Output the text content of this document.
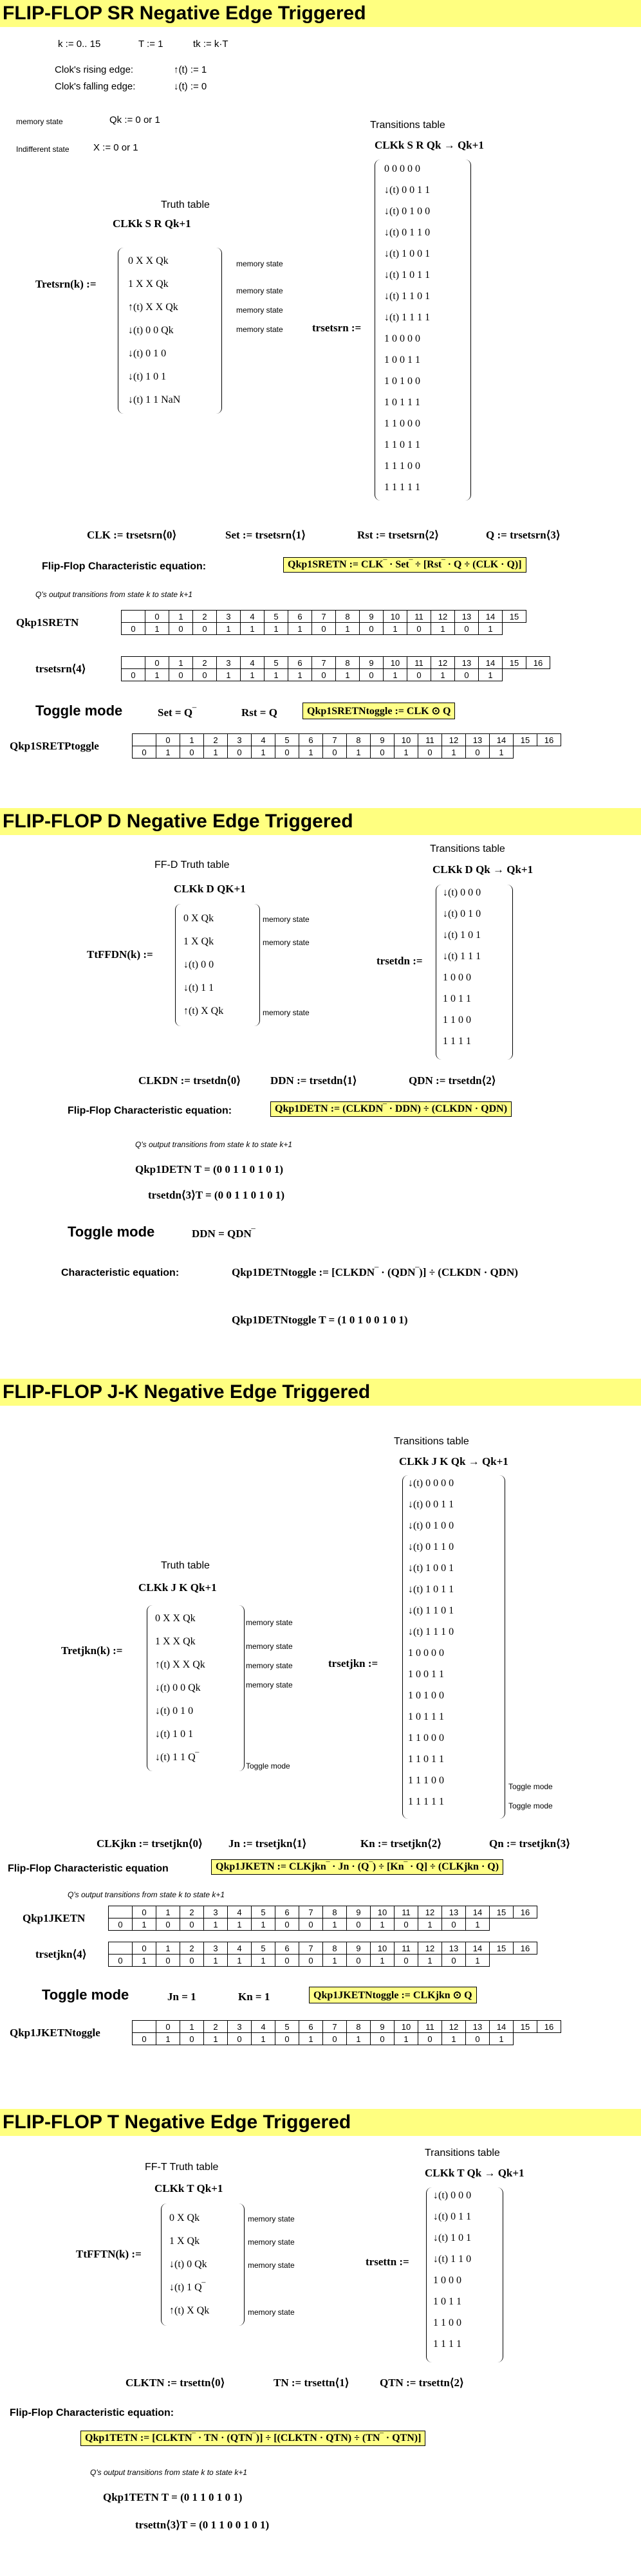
FLIP-FLOP SR Negative Edge Triggered
k := 0.. 15	T := 1	tk := k·T
Clok's rising edge:	↑(t) := 1
Clok's falling edge:	↓(t) := 0
memory state	Qk := 0 or 1
Indifferent state	X := 0 or 1
Truth table
CLKk S R Qk+1
Tretsrn(k) :=
0 X X Qk
1 X X Qk
↑(t) X X Qk
↓(t) 0 0 Qk
↓(t) 0 1 0
↓(t) 1 0 1
↓(t) 1 1 NaN
memory state
memory state
memory state
memory state
Transitions table
CLKk S R Qk → Qk+1
trsetsrn :=
0 0 0 0 0
↓(t) 0 0 1 1
↓(t) 0 1 0 0
↓(t) 0 1 1 0
↓(t) 1 0 0 1
↓(t) 1 0 1 1
↓(t) 1 1 0 1
↓(t) 1 1 1 1
1 0 0 0 0
1 0 0 1 1
1 0 1 0 0
1 0 1 1 1
1 1 0 0 0
1 1 0 1 1
1 1 1 0 0
1 1 1 1 1
CLK := trsetsrn⟨0⟩	Set := trsetsrn⟨1⟩	Rst := trsetsrn⟨2⟩	Q := trsetsrn⟨3⟩
Flip-Flop Characteristic equation:	Qkp1SRETN := CLK‾ · Set‾ ÷ [Rst‾ · Q ÷ (CLK · Q)]
Q's output transitions from state k to state k+1
Qkp1SRETN
		0	1	2	3	4	5	6	7	8	9	10	11	12	13	14	15
0	1	0	0	1	1	1	1	0	1	0	1	0	1	0	1	
trsetsrn⟨4⟩
		0	1	2	3	4	5	6	7	8	9	10	11	12	13	14	15	16
0	1	0	0	1	1	1	1	0	1	0	1	0	1	0	1		
Toggle mode	Set = Q‾	Rst = Q	Qkp1SRETNtoggle := CLK ⊙ Q
Qkp1SRETPtoggle
		0	1	2	3	4	5	6	7	8	9	10	11	12	13	14	15	16
0	1	0	1	0	1	0	1	0	1	0	1	0	1	0	1		
FLIP-FLOP D Negative Edge Triggered
FF-D Truth table
CLKk D QK+1
TtFFDN(k) :=
0 X Qk
1 X Qk
↓(t) 0 0
↓(t) 1 1
↑(t) X Qk
memory state
memory state
memory state
Transitions table
CLKk D Qk → Qk+1
trsetdn :=
↓(t) 0 0 0
↓(t) 0 1 0
↓(t) 1 0 1
↓(t) 1 1 1
1 0 0 0
1 0 1 1
1 1 0 0
1 1 1 1
CLKDN := trsetdn⟨0⟩	DDN := trsetdn⟨1⟩	QDN := trsetdn⟨2⟩
Flip-Flop Characteristic equation:	Qkp1DETN := (CLKDN‾ · DDN) ÷ (CLKDN · QDN)
Q's output transitions from state k to state k+1
Qkp1DETN T = (0 0 1 1 0 1 0 1)
trsetdn⟨3⟩T = (0 0 1 1 0 1 0 1)
Toggle mode	DDN = QDN‾
Characteristic equation:	Qkp1DETNtoggle := [CLKDN‾ · (QDN‾)] ÷ (CLKDN · QDN)
Qkp1DETNtoggle T = (1 0 1 0 0 1 0 1)
FLIP-FLOP J-K Negative Edge Triggered
Truth table
CLKk J K Qk+1
Tretjkn(k) :=
0 X X Qk
1 X X Qk
↑(t) X X Qk
↓(t) 0 0 Qk
↓(t) 0 1 0
↓(t) 1 0 1
↓(t) 1 1 Q‾
memory state
memory state
memory state
memory state
Toggle mode
Transitions table
CLKk J K Qk → Qk+1
trsetjkn :=
↓(t) 0 0 0 0
↓(t) 0 0 1 1
↓(t) 0 1 0 0
↓(t) 0 1 1 0
↓(t) 1 0 0 1
↓(t) 1 0 1 1
↓(t) 1 1 0 1
↓(t) 1 1 1 0
1 0 0 0 0
1 0 0 1 1
1 0 1 0 0
1 0 1 1 1
1 1 0 0 0
1 1 0 1 1
1 1 1 0 0
1 1 1 1 1
Toggle mode
Toggle mode
CLKjkn := trsetjkn⟨0⟩ Jn := trsetjkn⟨1⟩	Kn := trsetjkn⟨2⟩	Qn := trsetjkn⟨3⟩
Flip-Flop Characteristic equation	Qkp1JKETN := CLKjkn‾ · Jn · (Q‾) ÷ [Kn‾ · Q] ÷ (CLKjkn · Q)
Q's output transitions from state k to state k+1
Qkp1JKETN
		0	1	2	3	4	5	6	7	8	9	10	11	12	13	14	15	16
0	1	0	0	1	1	1	0	0	1	0	1	0	1	0	1		
trsetjkn⟨4⟩
		0	1	2	3	4	5	6	7	8	9	10	11	12	13	14	15	16
0	1	0	0	1	1	1	0	0	1	0	1	0	1	0	1		
Toggle mode	Jn = 1	Kn = 1	Qkp1JKETNtoggle := CLKjkn ⊙ Q
Qkp1JKETNtoggle
		0	1	2	3	4	5	6	7	8	9	10	11	12	13	14	15	16
0	1	0	1	0	1	0	1	0	1	0	1	0	1	0	1		
FLIP-FLOP T Negative Edge Triggered
FF-T Truth table
CLKk T Qk+1
TtFFTN(k) :=
0 X Qk
1 X Qk
↓(t) 0 Qk
↓(t) 1 Q‾
↑(t) X Qk
memory state
memory state
memory state
memory state
Transitions table
CLKk T Qk → Qk+1
trsettn :=
↓(t) 0 0 0
↓(t) 0 1 1
↓(t) 1 0 1
↓(t) 1 1 0
1 0 0 0
1 0 1 1
1 1 0 0
1 1 1 1
CLKTN := trsettn⟨0⟩	TN := trsettn⟨1⟩	QTN := trsettn⟨2⟩
Flip-Flop Characteristic equation:
Qkp1TETN := [CLKTN‾ · TN · (QTN‾)] ÷ [(CLKTN · QTN) ÷ (TN‾ · QTN)]
Q's output transitions from state k to state k+1
Qkp1TETN T = (0 1 1 0 1 0 1)
trsettn⟨3⟩T = (0 1 1 0 0 1 0 1)
